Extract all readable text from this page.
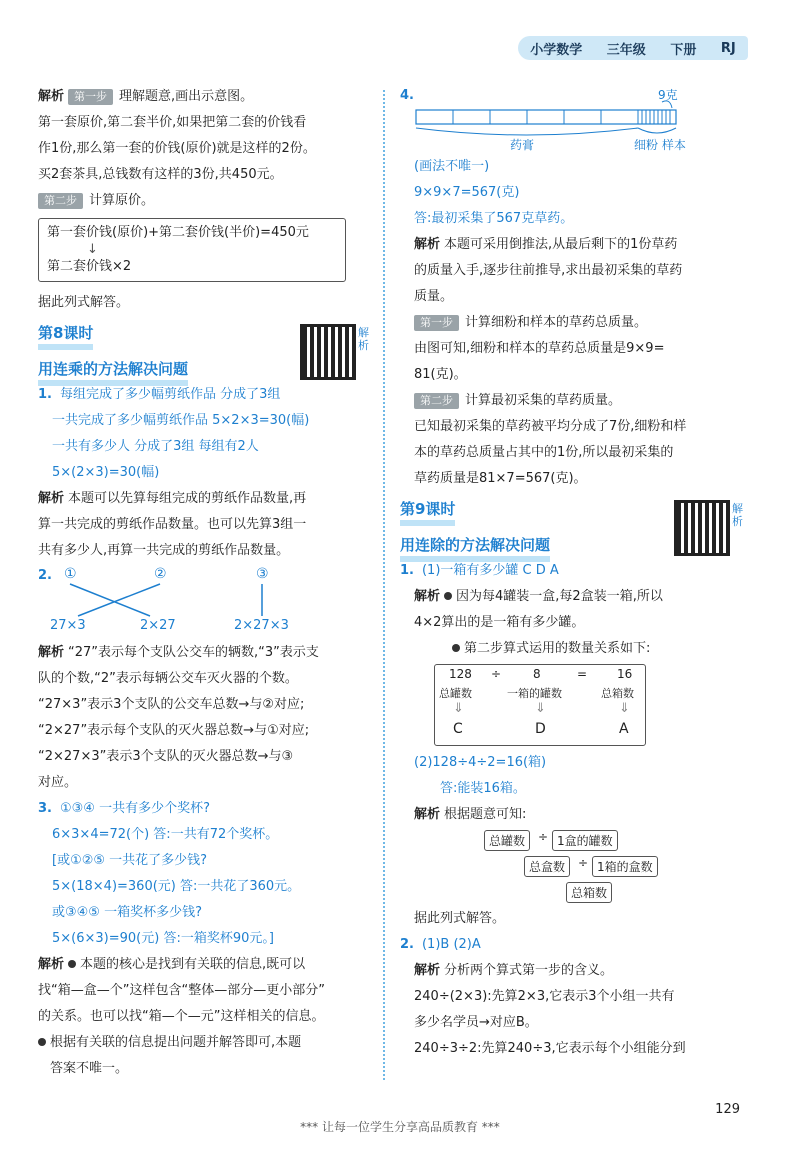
小学数学 三年级 下册 RJ
解析 第一步 理解题意,画出示意图。
第一套原价,第二套半价,如果把第二套的价钱看
作1份,那么第一套的价钱(原价)就是这样的2份。
买2套茶具,总钱数有这样的3份,共450元。
第二步 计算原价。
第一套价钱(原价)+第二套价钱(半价)=450元
↓
第二套价钱×2
据此列式解答。
第8课时
用连乘的方法解决问题
解析
1. 每组完成了多少幅剪纸作品 分成了3组
一共完成了多少幅剪纸作品 5×2×3=30(幅)
一共有多少人 分成了3组 每组有2人
5×(2×3)=30(幅)
解析 本题可以先算每组完成的剪纸作品数量,再
算一共完成的剪纸作品数量。也可以先算3组一
共有多少人,再算一共完成的剪纸作品数量。
2. ①	②	③
27×3	2×27	2×27×3
解析 “27”表示每个支队公交车的辆数,“3”表示支
队的个数,“2”表示每辆公交车灭火器的个数。
“27×3”表示3个支队的公交车总数→与②对应;
“2×27”表示每个支队的灭火器总数→与①对应;
“2×27×3”表示3个支队的灭火器总数→与③
对应。
3. ①③④ 一共有多少个奖杯?
6×3×4=72(个) 答:一共有72个奖杯。
[或①②⑤ 一共花了多少钱?
5×(18×4)=360(元) 答:一共花了360元。
或③④⑤ 一箱奖杯多少钱?
5×(6×3)=90(元) 答:一箱奖杯90元。]
解析 本题的核心是找到有关联的信息,既可以
找“箱—盒—个”这样包含“整体—部分—更小部分”
的关系。也可以找“箱—个—元”这样相关的信息。
根据有关联的信息提出问题并解答即可,本题
答案不唯一。
4.	9克
药膏	细粉 样本
(画法不唯一)
9×9×7=567(克)
答:最初采集了567克草药。
解析 本题可采用倒推法,从最后剩下的1份草药
的质量入手,逐步往前推导,求出最初采集的草药
质量。
第一步 计算细粉和样本的草药总质量。
由图可知,细粉和样本的草药总质量是9×9=
81(克)。
第二步 计算最初采集的草药质量。
已知最初采集的草药被平均分成了7份,细粉和样
本的草药总质量占其中的1份,所以最初采集的
草药质量是81×7=567(克)。
第9课时
用连除的方法解决问题
解析
1. (1)一箱有多少罐 C D A
解析 因为每4罐装一盒,每2盒装一箱,所以
4×2算出的是一箱有多少罐。
第二步算式运用的数量关系如下:
128 ÷	8	= 16
总罐数	一箱的罐数	总箱数
⇓	⇓	⇓
C	D	A
(2)128÷4÷2=16(箱)
答:能装16箱。
解析 根据题意可知:
总罐数	÷ 1盒的罐数
总盒数	÷ 1箱的盒数
总箱数
据此列式解答。
2. (1)B (2)A
解析 分析两个算式第一步的含义。
240÷(2×3):先算2×3,它表示3个小组一共有
多少名学员→对应B。
240÷3÷2:先算240÷3,它表示每个小组能分到
129
*** 让每一位学生分享高品质教育 ***
